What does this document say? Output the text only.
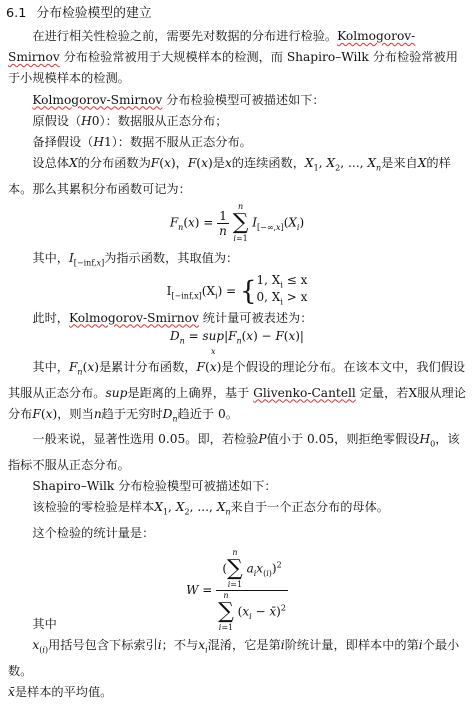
6.1 分布检验模型的建立

在进行相关性检验之前，需要先对数据的分布进行检验。Kolmogorov-Smirnov 分布检验常被用于大规模样本的检测，而 Shapiro–Wilk 分布检验常被用于小规模样本的检测。

Kolmogorov-Smirnov 分布检验模型可被描述如下：

原假设（H0）：数据服从正态分布；

备择假设（H1）：数据不服从正态分布。

设总体X的分布函数为F(x)，F(x)是x的连续函数，$X_1$, $X_2$, ..., $X_n$是来自X的样本。那么其累积分布函数可记为：

$F_n(x) = \frac{1}{n}$

n
∑
i=1
$I_{[-\infty,x]}(X_i)$

其中，$I_{[-inf,x]}$为指示函数，其取值为：

$I_{[-inf,x]}(X_i) = \{1$, $X_i \le x$
0, $X_i > x$

此时，Kolmogorov-Smirnov 统计量可被表述为：

$D_n$ = sup
$x|F_n(x) - F(x)|$

其中，$F_n(x)$是累计分布函数，F(x)是个假设的理论分布。在该本文中，我们假设其服从正态分布。sup是距离的上确界，基于 Glivenko-Cantell 定量，若X服从理论分布F(x)，则当n趋于无穷时$D_n$趋近于 0。

一般来说，显著性选用 0.05。即，若检验P值小于 0.05，则拒绝零假设$H_0$，该指标不服从正态分布。

Shapiro–Wilk 分布检验模型可被描述如下：

该检验的零检验是样本$X_1$, $X_2$, ..., $X_n$来自于一个正态分布的母体。

这个检验的统计量是：

W = (
n
∑
i=1
$a_ix_{(i)})^2$
n
∑
i=1
($x_i$ − x̄)$^2$

其中

$x_{(i)}$用括号包含下标索引i；不与$x_i$混淆，它是第i阶统计量，即样本中的第i个最小数。

x̄是样本的平均值。
